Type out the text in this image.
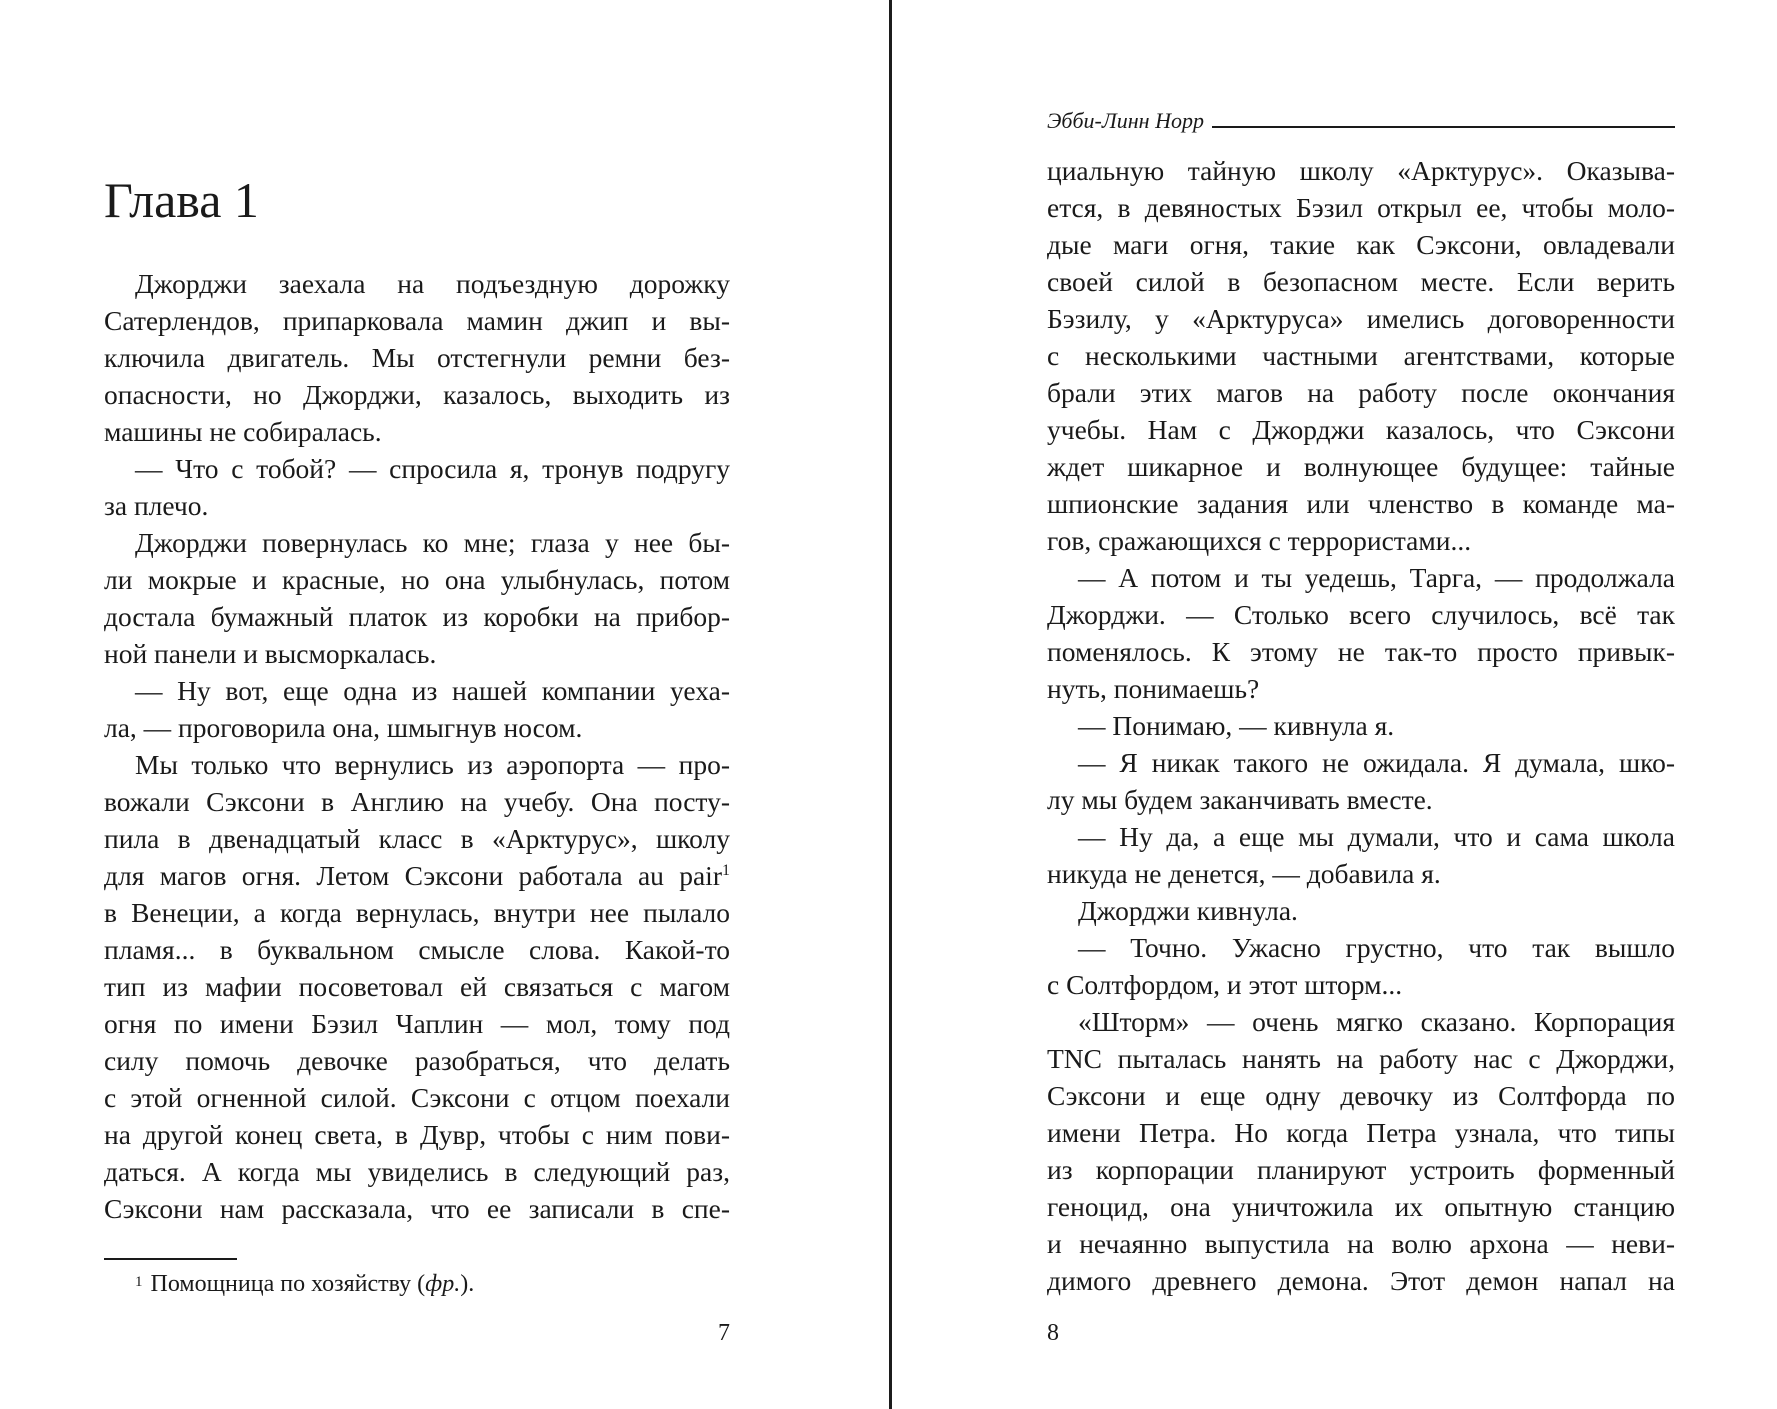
Глава 1
Джорджи заехала на подъездную дорожку
Сатерлендов, припарковала мамин джип и вы-
ключила двигатель. Мы отстегнули ремни без-
опасности, но Джорджи, казалось, выходить из
машины не собиралась.
— Что с тобой? — спросила я, тронув подругу
за плечо.
Джорджи повернулась ко мне; глаза у нее бы-
ли мокрые и красные, но она улыбнулась, потом
достала бумажный платок из коробки на прибор-
ной панели и высморкалась.
— Ну вот, еще одна из нашей компании уеха-
ла, — проговорила она, шмыгнув носом.
Мы только что вернулись из аэропорта — про-
вожали Сэксони в Англию на учебу. Она посту-
пила в двенадцатый класс в «Арктурус», школу
для магов огня. Летом Сэксони работала au pair$^1$
в Венеции, а когда вернулась, внутри нее пылало
пламя... в буквальном смысле слова. Какой-то
тип из мафии посоветовал ей связаться с магом
огня по имени Бэзил Чаплин — мол, тому под
силу помочь девочке разобраться, что делать
с этой огненной силой. Сэксони с отцом поехали
на другой конец света, в Дувр, чтобы с ним пови-
даться. А когда мы увиделись в следующий раз,
Сэксони нам рассказала, что ее записали в спе-
$^1$ Помощница по хозяйству (фр.).
7
Эбби-Линн Норр
циальную тайную школу «Арктурус». Оказыва-
ется, в девяностых Бэзил открыл ее, чтобы моло-
дые маги огня, такие как Сэксони, овладевали
своей силой в безопасном месте. Если верить
Бэзилу, у «Арктуруса» имелись договоренности
с несколькими частными агентствами, которые
брали этих магов на работу после окончания
учебы. Нам с Джорджи казалось, что Сэксони
ждет шикарное и волнующее будущее: тайные
шпионские задания или членство в команде ма-
гов, сражающихся с террористами...
— А потом и ты уедешь, Тарга, — продолжала
Джорджи. — Столько всего случилось, всё так
поменялось. К этому не так-то просто привык-
нуть, понимаешь?
— Понимаю, — кивнула я.
— Я никак такого не ожидала. Я думала, шко-
лу мы будем заканчивать вместе.
— Ну да, а еще мы думали, что и сама школа
никуда не денется, — добавила я.
Джорджи кивнула.
— Точно. Ужасно грустно, что так вышло
с Солтфордом, и этот шторм...
«Шторм» — очень мягко сказано. Корпорация
TNC пыталась нанять на работу нас с Джорджи,
Сэксони и еще одну девочку из Солтфорда по
имени Петра. Но когда Петра узнала, что типы
из корпорации планируют устроить форменный
геноцид, она уничтожила их опытную станцию
и нечаянно выпустила на волю архона — неви-
димого древнего демона. Этот демон напал на
8
